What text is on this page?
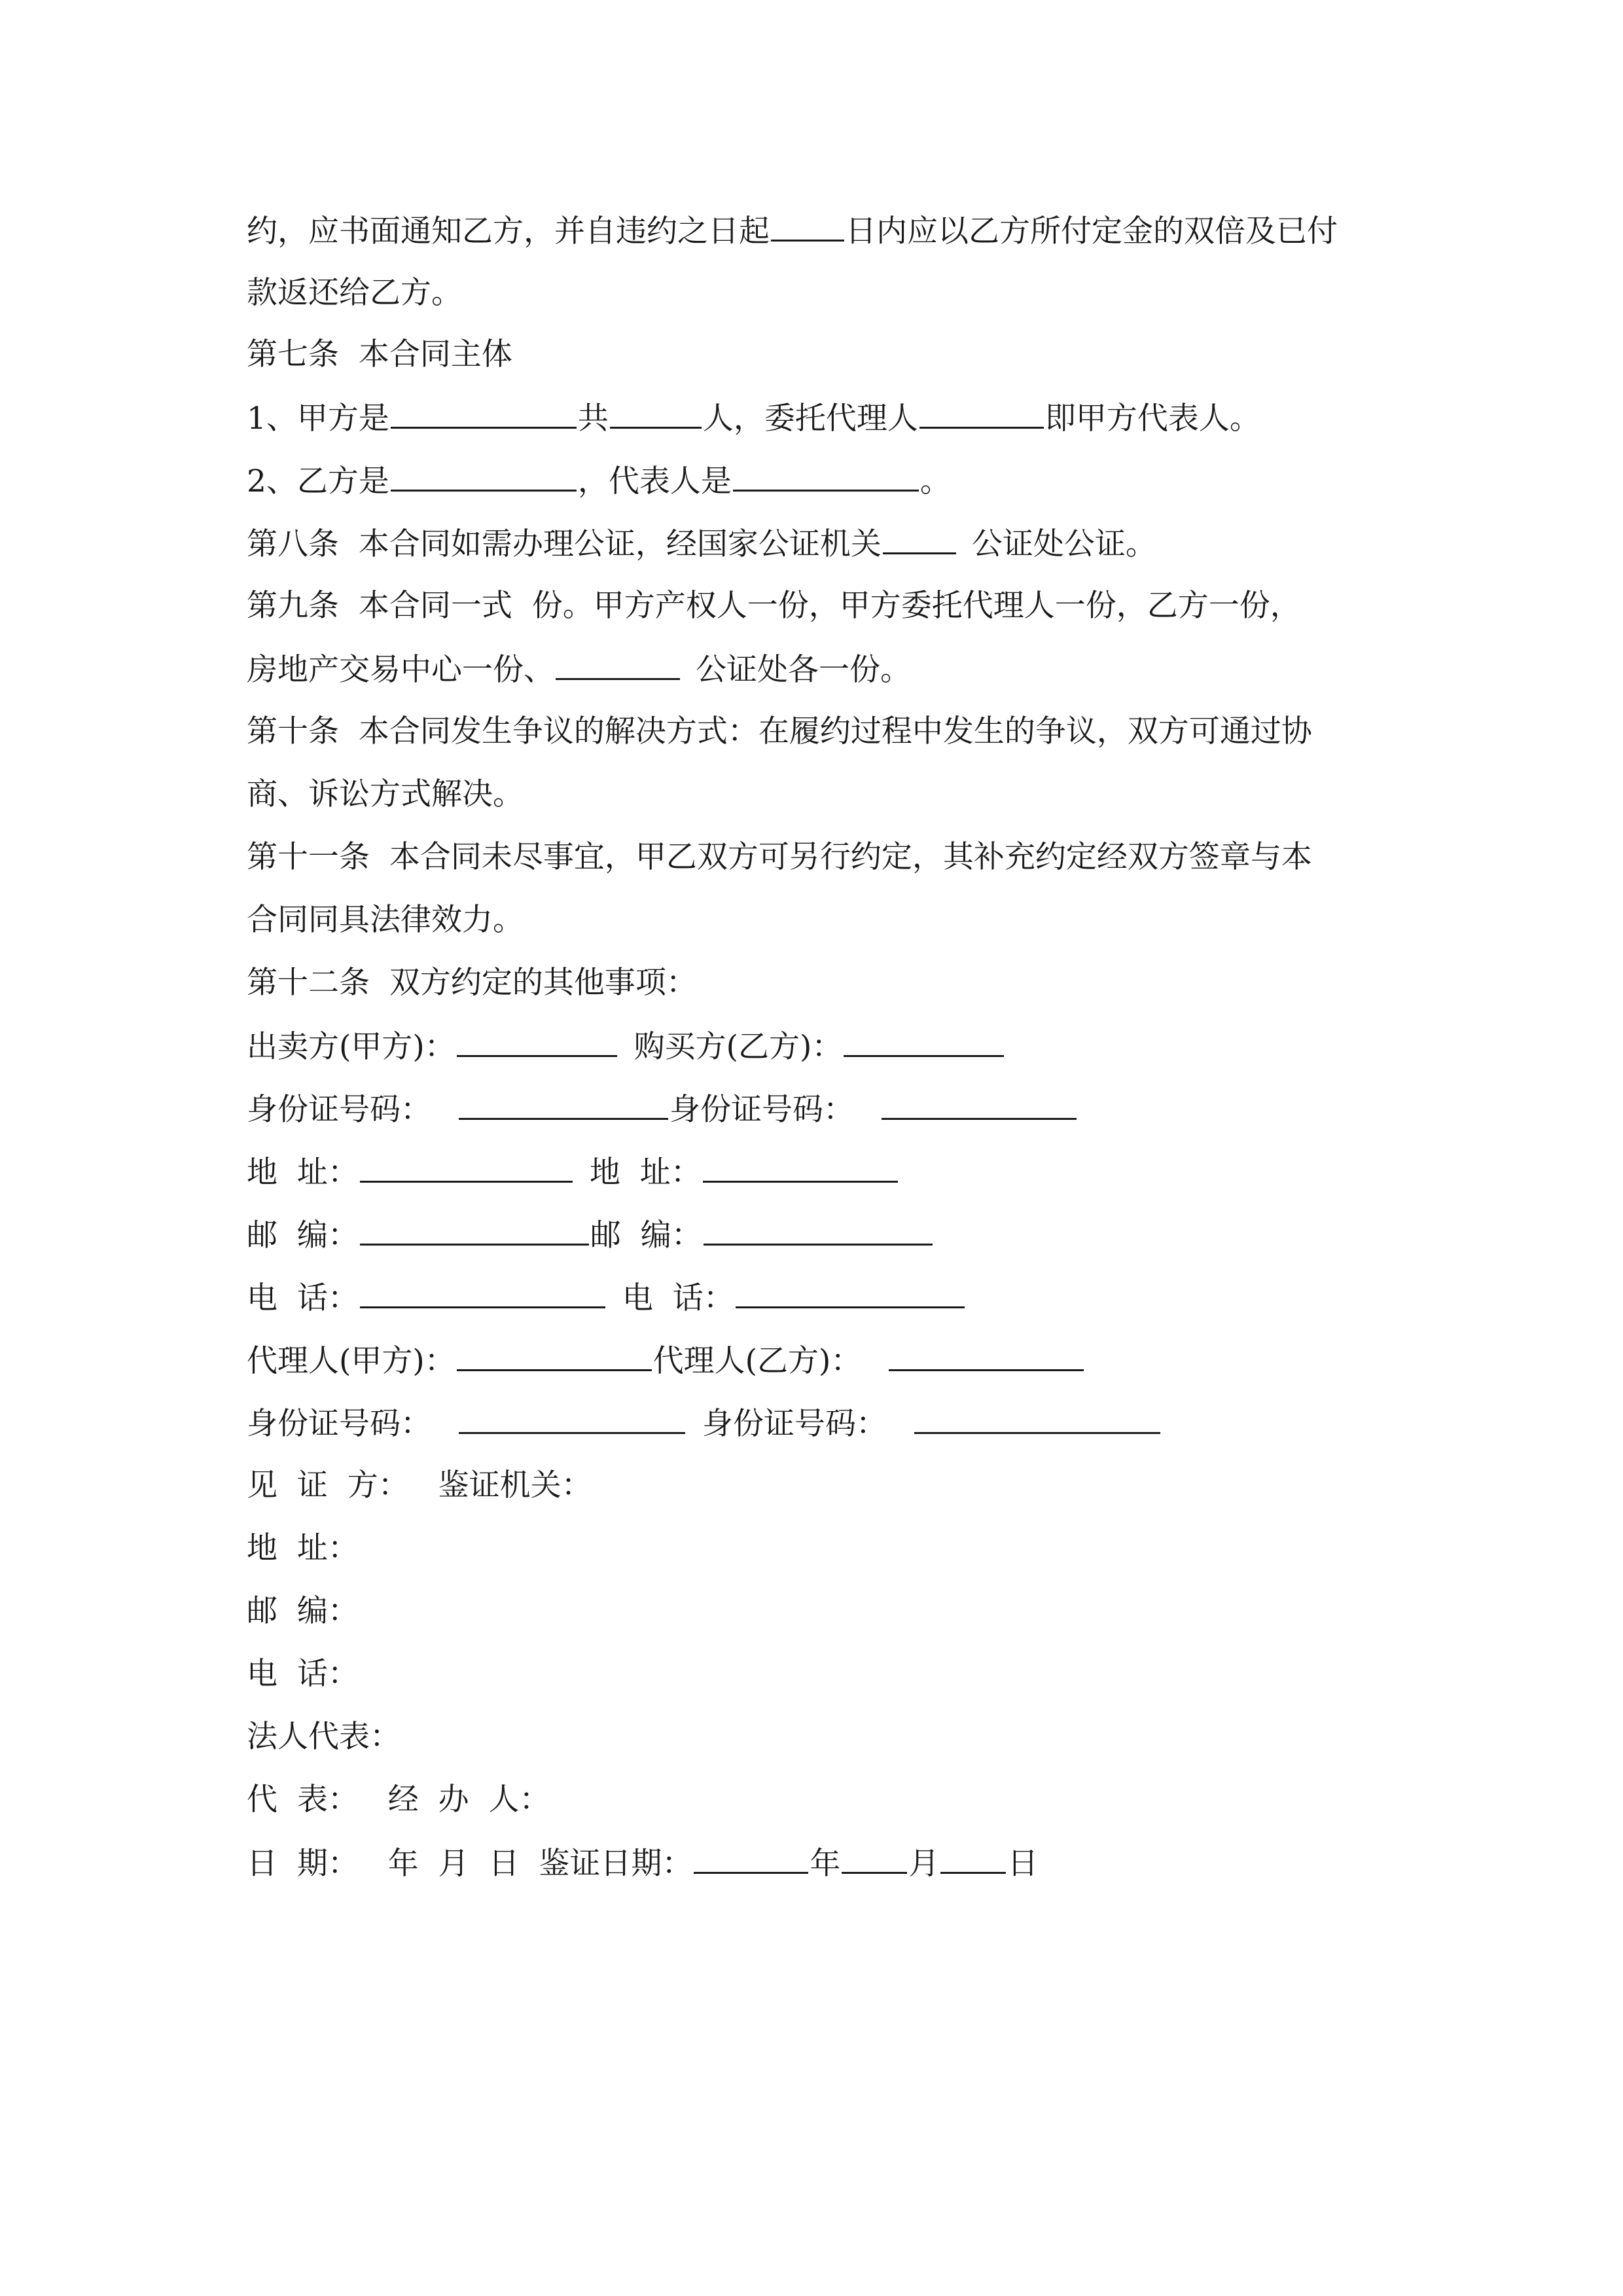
约，应书面通知乙方，并自违约之日起 日内应以乙方所付定金的双倍及已付
款返还给乙方。
第七条  本合同主体
1、甲方是	共	人，委托代理人	即甲方代表人。
2、乙方是	，代表人是	。
第八条  本合同如需办理公证，经国家公证机关	公证处公证。
第九条  本合同一式  份。甲方产权人一份，甲方委托代理人一份，乙方一份，
房地产交易中心一份、	公证处各一份。
第十条  本合同发生争议的解决方式：在履约过程中发生的争议，双方可通过协
商、诉讼方式解决。
第十一条  本合同未尽事宜，甲乙双方可另行约定，其补充约定经双方签章与本
合同同具法律效力。
第十二条  双方约定的其他事项：
出卖方(甲方)：	购买方(乙方)：
身份证号码：	身份证号码：
地  址：	地  址：
邮  编：	邮  编：
电  话：	电  话：
代理人(甲方)：	代理人(乙方)：
身份证号码：	身份证号码：
见  证  方：   鉴证机关：
地  址：
邮  编：
电  话：
法人代表：
代  表：   经  办  人：
日  期：   年  月  日  鉴证日期：	年 月 日
